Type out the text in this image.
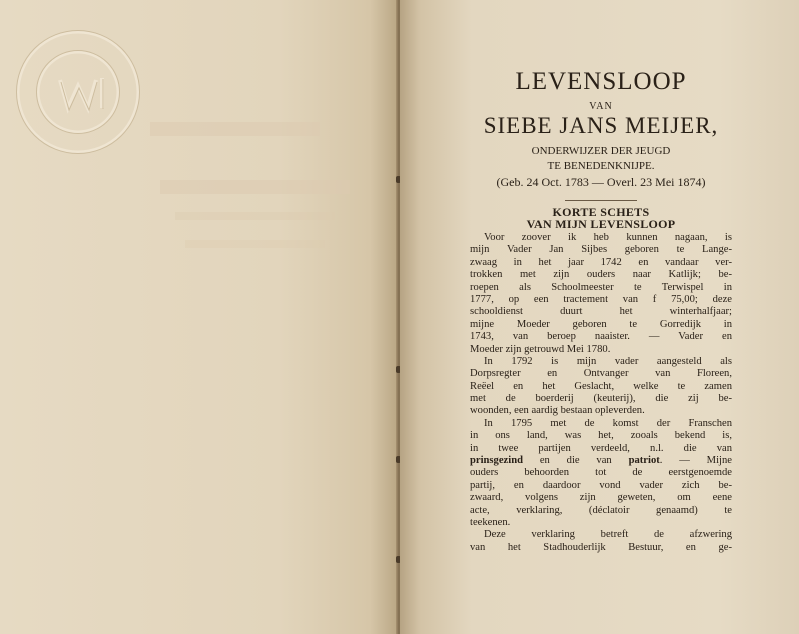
LEVENSLOOP
VAN
SIEBE JANS MEIJER,
ONDERWIJZER DER JEUGD
TE BENEDENKNIJPE.
(Geb. 24 Oct. 1783 — Overl. 23 Mei 1874)
KORTE SCHETS
VAN MIJN LEVENSLOOP
Voor zoover ik heb kunnen nagaan, is
mijn Vader Jan Sijbes geboren te Lange-
zwaag in het jaar 1742 en vandaar ver-
trokken met zijn ouders naar Katlijk; be-
roepen als Schoolmeester te Terwispel in
1777, op een tractement van f 75,00; deze
schooldienst duurt het winterhalfjaar;
mijne Moeder geboren te Gorredijk in
1743, van beroep naaister. — Vader en
Moeder zijn getrouwd Mei 1780.
In 1792 is mijn vader aangesteld als
Dorpsregter en Ontvanger van Floreen,
Reëel en het Geslacht, welke te zamen
met de boerderij (keuterij), die zij be-
woonden, een aardig bestaan opleverden.
In 1795 met de komst der Franschen
in ons land, was het, zooals bekend is,
in twee partijen verdeeld, n.l. die van
prinsgezind en die van patriot. — Mijne
ouders behoorden tot de eerstgenoemde
partij, en daardoor vond vader zich be-
zwaard, volgens zijn geweten, om eene
acte, verklaring, (déclatoir genaamd) te
teekenen.
Deze verklaring betreft de afzwering
van het Stadhouderlijk Bestuur, en ge-
